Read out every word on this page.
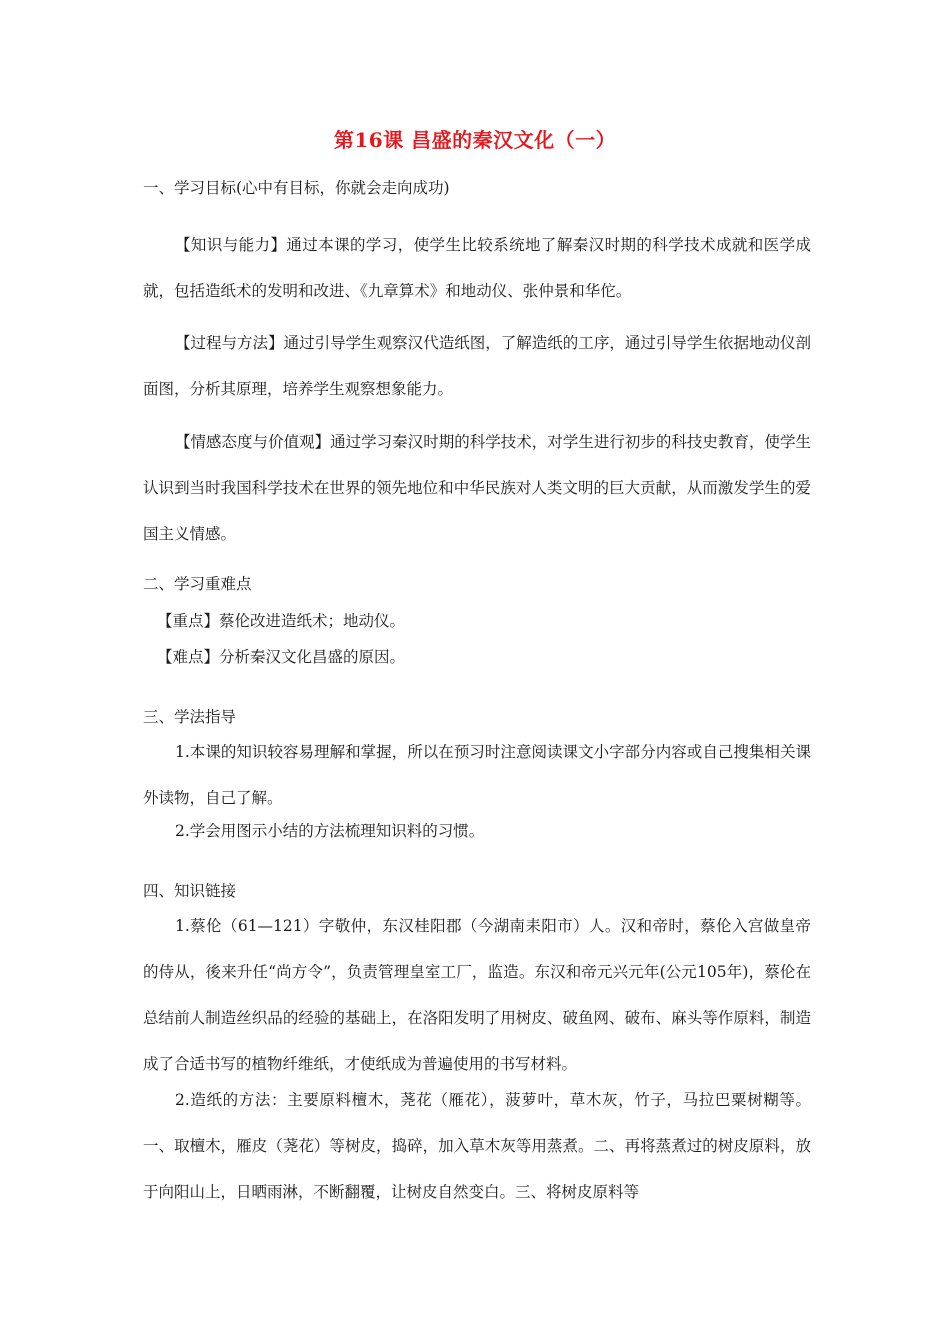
第16课 昌盛的秦汉文化（一）
一、学习目标(心中有目标，你就会走向成功)

【知识与能力】通过本课的学习，使学生比较系统地了解秦汉时期的科学技术成就和医学成就，包括造纸术的发明和改进、《九章算术》和地动仪、张仲景和华佗。

【过程与方法】通过引导学生观察汉代造纸图，了解造纸的工序，通过引导学生依据地动仪剖面图，分析其原理，培养学生观察想象能力。

【情感态度与价值观】通过学习秦汉时期的科学技术，对学生进行初步的科技史教育，使学生认识到当时我国科学技术在世界的领先地位和中华民族对人类文明的巨大贡献，从而激发学生的爱国主义情感。

二、学习重难点
【重点】蔡伦改进造纸术；地动仪。
【难点】分析秦汉文化昌盛的原因。
三、学法指导

1.本课的知识较容易理解和掌握，所以在预习时注意阅读课文小字部分内容或自己搜集相关课外读物，自己了解。

2.学会用图示小结的方法梳理知识料的习惯。
四、知识链接

1.蔡伦（61—121）字敬仲，东汉桂阳郡（今湖南耒阳市）人。汉和帝时，蔡伦入宫做皇帝的侍从，後来升任“尚方令”，负责管理皇室工厂，监造。东汉和帝元兴元年(公元105年)，蔡伦在总结前人制造丝织品的经验的基础上，在洛阳发明了用树皮、破鱼网、破布、麻头等作原料，制造成了合适书写的植物纤维纸，才使纸成为普遍使用的书写材料。

2.造纸的方法：主要原料檀木，荛花（雁花），菠萝叶，草木灰，竹子，马拉巴粟树糊等。一、取檀木，雁皮（荛花）等树皮，捣碎，加入草木灰等用蒸煮。二、再将蒸煮过的树皮原料，放于向阳山上，日晒雨淋，不断翻覆，让树皮自然变白。三、将树皮原料等
